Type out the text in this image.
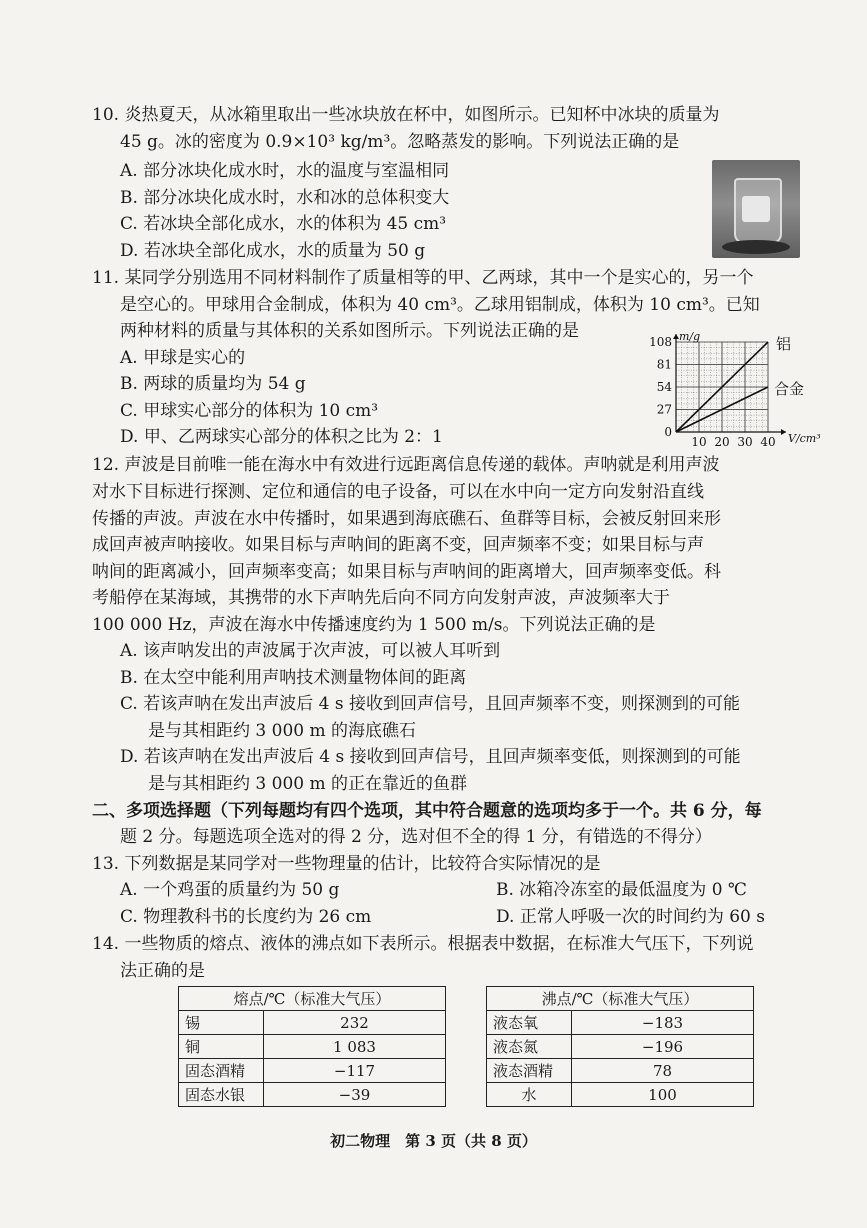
10. 炎热夏天，从冰箱里取出一些冰块放在杯中，如图所示。已知杯中冰块的质量为
45 g。冰的密度为 0.9×10³ kg/m³。忽略蒸发的影响。下列说法正确的是
A. 部分冰块化成水时，水的温度与室温相同
B. 部分冰块化成水时，水和冰的总体积变大
C. 若冰块全部化成水，水的体积为 45 cm³
D. 若冰块全部化成水，水的质量为 50 g
11. 某同学分别选用不同材料制作了质量相等的甲、乙两球，其中一个是实心的，另一个
是空心的。甲球用合金制成，体积为 40 cm³。乙球用铝制成，体积为 10 cm³。已知
两种材料的质量与其体积的关系如图所示。下列说法正确的是
A. 甲球是实心的
B. 两球的质量均为 54 g
C. 甲球实心部分的体积为 10 cm³
D. 甲、乙两球实心部分的体积之比为 2：1
铝
合金
108
81
54
27
0
10 20 30 40
m/g
V/cm³
12. 声波是目前唯一能在海水中有效进行远距离信息传递的载体。声呐就是利用声波
对水下目标进行探测、定位和通信的电子设备，可以在水中向一定方向发射沿直线
传播的声波。声波在水中传播时，如果遇到海底礁石、鱼群等目标，会被反射回来形
成回声被声呐接收。如果目标与声呐间的距离不变，回声频率不变；如果目标与声
呐间的距离减小，回声频率变高；如果目标与声呐间的距离增大，回声频率变低。科
考船停在某海域，其携带的水下声呐先后向不同方向发射声波，声波频率大于
100 000 Hz，声波在海水中传播速度约为 1 500 m/s。下列说法正确的是
A. 该声呐发出的声波属于次声波，可以被人耳听到
B. 在太空中能利用声呐技术测量物体间的距离
C. 若该声呐在发出声波后 4 s 接收到回声信号，且回声频率不变，则探测到的可能
是与其相距约 3 000 m 的海底礁石
D. 若该声呐在发出声波后 4 s 接收到回声信号，且回声频率变低，则探测到的可能
是与其相距约 3 000 m 的正在靠近的鱼群
二、多项选择题（下列每题均有四个选项，其中符合题意的选项均多于一个。共 6 分，每
题 2 分。每题选项全选对的得 2 分，选对但不全的得 1 分，有错选的不得分）
13. 下列数据是某同学对一些物理量的估计，比较符合实际情况的是
A. 一个鸡蛋的质量约为 50 g	B. 冰箱冷冻室的最低温度为 0 ℃
C. 物理教科书的长度约为 26 cm	D. 正常人呼吸一次的时间约为 60 s
14. 一些物质的熔点、液体的沸点如下表所示。根据表中数据，在标准大气压下，下列说
法正确的是
熔点/℃（标准大气压）	
锡	232
铜	1 083
固态酒精	−117
固态水银	−39
沸点/℃（标准大气压）	
液态氧	−183
液态氮	−196
液态酒精	78
水	100
初二物理　第 3 页（共 8 页）
